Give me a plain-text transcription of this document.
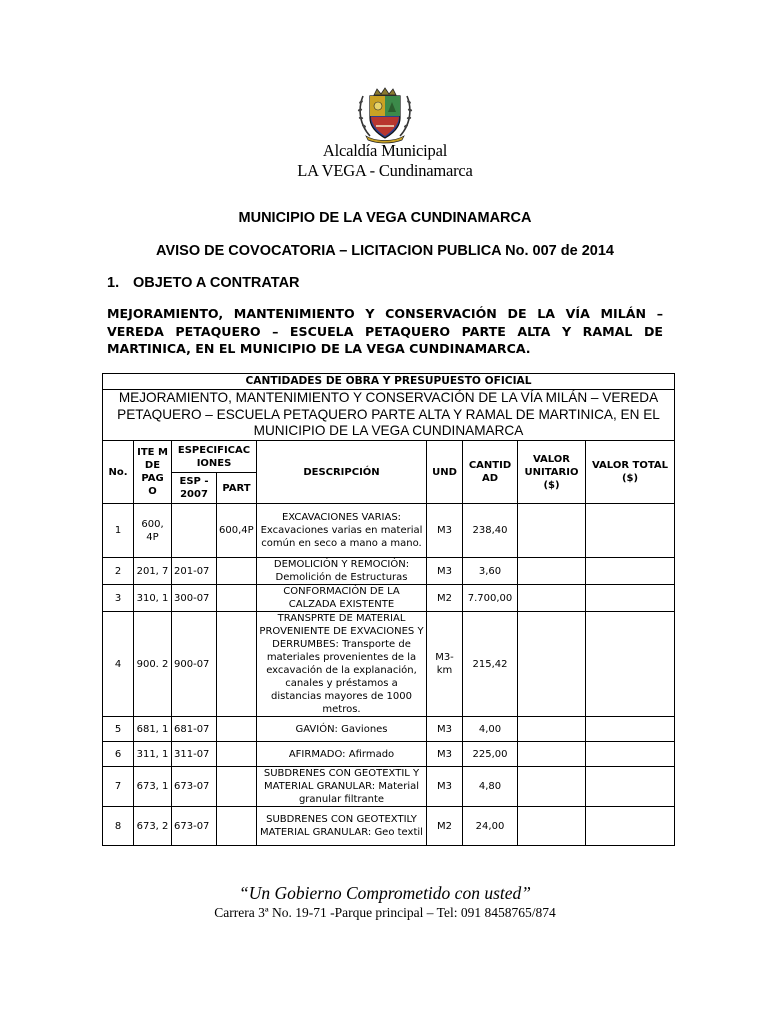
Alcaldía Municipal
LA VEGA - Cundinamarca
MUNICIPIO DE LA VEGA CUNDINAMARCA
AVISO DE COVOCATORIA – LICITACION PUBLICA No. 007 de 2014
1. OBJETO A CONTRATAR
MEJORAMIENTO, MANTENIMIENTO Y CONSERVACIÓN DE LA VÍA MILÁN – VEREDA PETAQUERO – ESCUELA PETAQUERO PARTE ALTA Y RAMAL DE MARTINICA, EN EL MUNICIPIO DE LA VEGA CUNDINAMARCA.
CANTIDADES DE OBRA Y PRESUPUESTO OFICIAL								
MEJORAMIENTO, MANTENIMIENTO Y CONSERVACIÓN DE LA VÍA MILÁN – VEREDA PETAQUERO – ESCUELA PETAQUERO PARTE ALTA Y RAMAL DE MARTINICA, EN EL MUNICIPIO DE LA VEGA CUNDINAMARCA								
No.	ITE M DE PAG O	ESPECIFICAC IONES		DESCRIPCIÓN	UND	CANTID AD	VALOR UNITARIO ($)	VALOR TOTAL ($)
		ESP - 2007	PART					
1	600, 4P		600,4P	EXCAVACIONES VARIAS: Excavaciones varias en material común en seco a mano a mano.	M3	238,40		
2	201, 7	201-07		DEMOLICIÓN Y REMOCIÓN: Demolición de Estructuras	M3	3,60		
3	310, 1	300-07		CONFORMACIÓN DE LA CALZADA EXISTENTE	M2	7.700,00		
4	900. 2	900-07		TRANSPRTE DE MATERIAL PROVENIENTE DE EXVACIONES Y DERRUMBES: Transporte de materiales provenientes de la excavación de la explanación, canales y préstamos a distancias mayores de 1000 metros.	M3-km	215,42		
5	681, 1	681-07		GAVIÓN: Gaviones	M3	4,00		
6	311, 1	311-07		AFIRMADO: Afirmado	M3	225,00		
7	673, 1	673-07		SUBDRENES CON GEOTEXTIL Y MATERIAL GRANULAR: Material granular filtrante	M3	4,80		
8	673, 2	673-07		SUBDRENES CON GEOTEXTILY MATERIAL GRANULAR: Geo textil	M2	24,00		
“Un Gobierno Comprometido con usted”
Carrera 3ª No. 19-71 -Parque principal – Tel: 091 8458765/874
